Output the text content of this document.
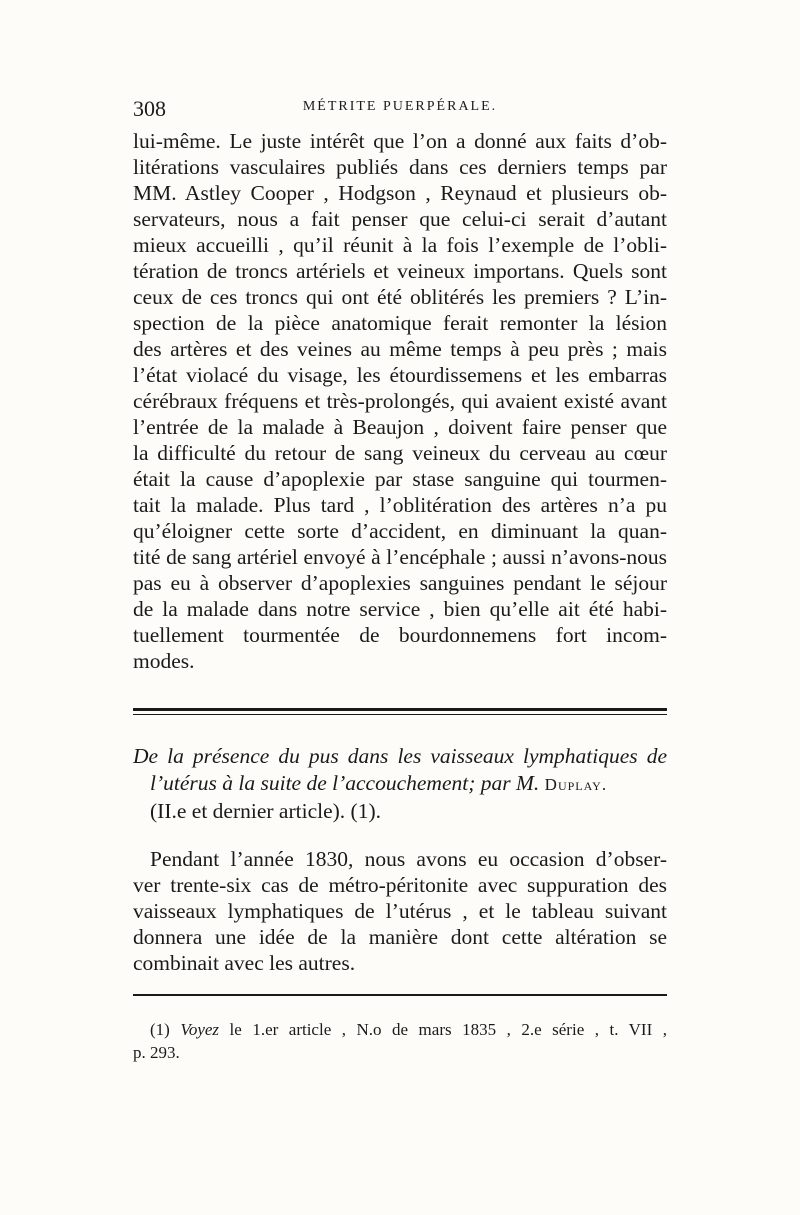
308	MÉTRITE PUERPÉRALE.
lui-même. Le juste intérêt que l’on a donné aux faits d’ob-
litérations vasculaires publiés dans ces derniers temps par
MM. Astley Cooper , Hodgson , Reynaud et plusieurs ob-
servateurs, nous a fait penser que celui-ci serait d’autant
mieux accueilli , qu’il réunit à la fois l’exemple de l’obli-
tération de troncs artériels et veineux importans. Quels sont
ceux de ces troncs qui ont été oblitérés les premiers ? L’in-
spection de la pièce anatomique ferait remonter la lésion
des artères et des veines au même temps à peu près ; mais
l’état violacé du visage, les étourdissemens et les embarras
cérébraux fréquens et très-prolongés, qui avaient existé avant
l’entrée de la malade à Beaujon , doivent faire penser que
la difficulté du retour de sang veineux du cerveau au cœur
était la cause d’apoplexie par stase sanguine qui tourmen-
tait la malade. Plus tard , l’oblitération des artères n’a pu
qu’éloigner cette sorte d’accident, en diminuant la quan-
tité de sang artériel envoyé à l’encéphale ; aussi n’avons-nous
pas eu à observer d’apoplexies sanguines pendant le séjour
de la malade dans notre service , bien qu’elle ait été habi-
tuellement tourmentée de bourdonnemens fort incom-
modes.
De la présence du pus dans les vaisseaux lymphatiques de
l’utérus à la suite de l’accouchement; par M. Duplay.
(II.e et dernier article). (1).
Pendant l’année 1830, nous avons eu occasion d’obser-
ver trente-six cas de métro-péritonite avec suppuration des
vaisseaux lymphatiques de l’utérus , et le tableau suivant
donnera une idée de la manière dont cette altération se
combinait avec les autres.
(1) Voyez le 1.er article , N.o de mars 1835 , 2.e série , t. VII ,
p. 293.
